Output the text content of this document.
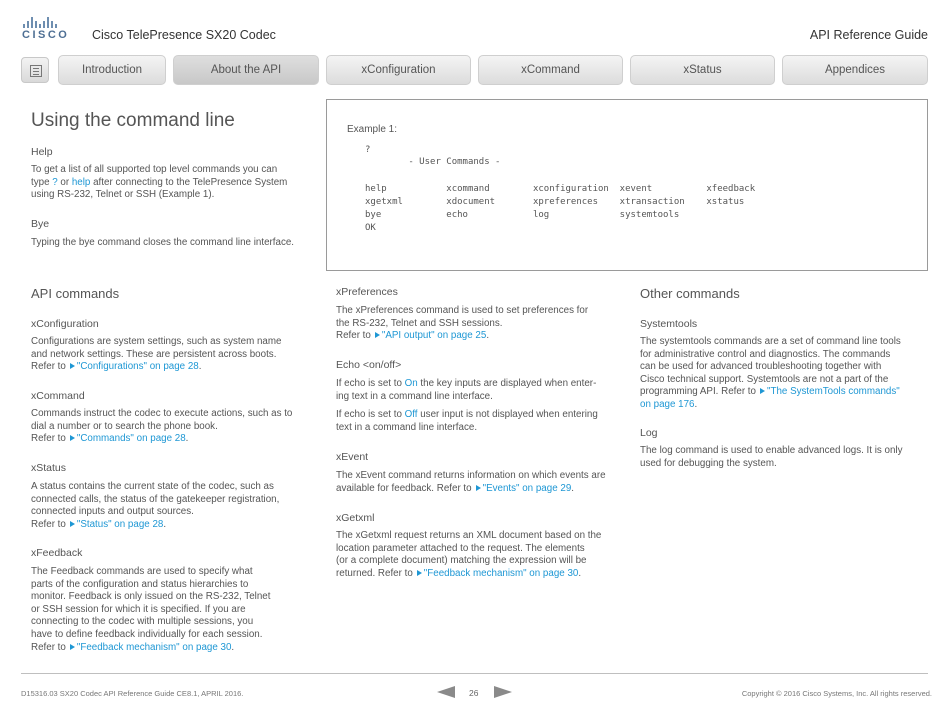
CISCO Cisco TelePresence SX20 Codec	API Reference Guide
Introduction	About the API	xConfiguration	xCommand	xStatus	Appendices
Using the command line
Help
To get a list of all supported top level commands you can
type ? or help after connecting to the TelePresence System
using RS-232, Telnet or SSH (Example 1).
Bye
Typing the bye command closes the command line interface.
Example 1:
?
- User Commands -
help           xcommand        xconfiguration  xevent          xfeedback
xgetxml        xdocument       xpreferences    xtransaction    xstatus
bye            echo            log             systemtools
OK
API commands
xConfiguration
Configurations are system settings, such as system name
and network settings. These are persistent across boots.
Refer to "Configurations" on page 28.
xCommand
Commands instruct the codec to execute actions, such as to
dial a number or to search the phone book.
Refer to "Commands" on page 28.
xStatus
A status contains the current state of the codec, such as
connected calls, the status of the gatekeeper registration,
connected inputs and output sources.
Refer to "Status" on page 28.
xFeedback
The Feedback commands are used to specify what
parts of the configuration and status hierarchies to
monitor. Feedback is only issued on the RS-232, Telnet
or SSH session for which it is specified. If you are
connecting to the codec with multiple sessions, you
have to define feedback individually for each session.
Refer to "Feedback mechanism" on page 30.
xPreferences
The xPreferences command is used to set preferences for
the RS-232, Telnet and SSH sessions.
Refer to "API output" on page 25.
Echo <on/off>
If echo is set to On the key inputs are displayed when enter-
ing text in a command line interface.
If echo is set to Off user input is not displayed when entering
text in a command line interface.
xEvent
The xEvent command returns information on which events are
available for feedback. Refer to "Events" on page 29.
xGetxml
The xGetxml request returns an XML document based on the
location parameter attached to the request. The elements
(or a complete document) matching the expression will be
returned. Refer to "Feedback mechanism" on page 30.
Other commands
Systemtools
The systemtools commands are a set of command line tools
for administrative control and diagnostics. The commands
can be used for advanced troubleshooting together with
Cisco technical support. Systemtools are not a part of the
programming API. Refer to "The SystemTools commands"
on page 176.
Log
The log command is used to enable advanced logs. It is only
used for debugging the system.
D15316.03 SX20 Codec API Reference Guide CE8.1, APRIL 2016.	26	Copyright © 2016 Cisco Systems, Inc. All rights reserved.
